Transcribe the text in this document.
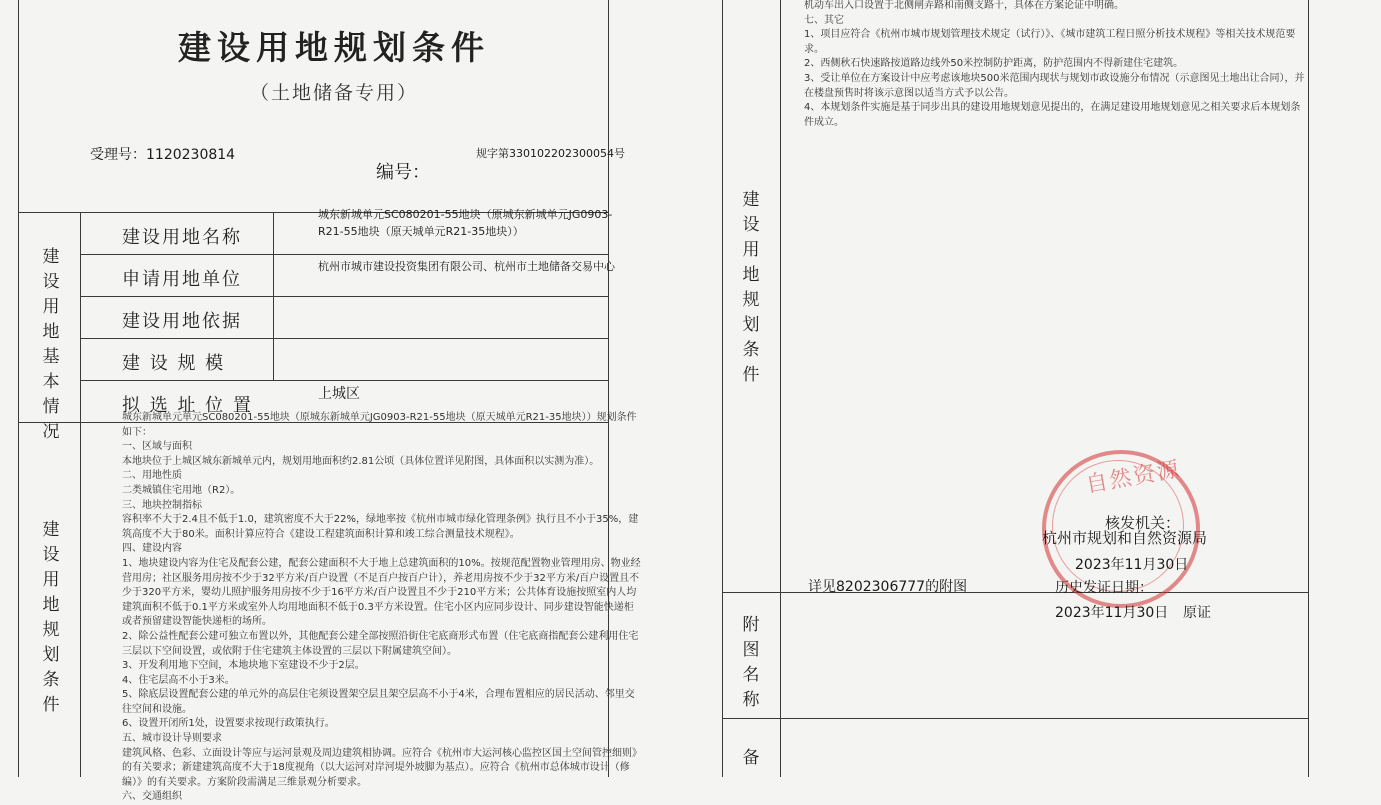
建设用地规划条件
（土地储备专用）
受理号：1120230814	规字第330102202300054号
编号：
建设用地基本情况
建设用地规划条件
建设用地名称
申请用地单位
建设用地依据
建 设 规 模
拟 选 址 位 置
城东新城单元SC080201-55地块（原城东新城单元JG0903-R21-55地块（原天城单元R21-35地块））
杭州市城市建设投资集团有限公司、杭州市土地储备交易中心
上城区
城东新城单元单元SC080201-55地块（原城东新城单元JG0903-R21-55地块（原天城单元R21-35地块））规划条件如下：
一、区域与面积
本地块位于上城区城东新城单元内，规划用地面积约2.81公顷（具体位置详见附图，具体面积以实测为准）。
二、用地性质
二类城镇住宅用地（R2）。
三、地块控制指标
容积率不大于2.4且不低于1.0，建筑密度不大于22%，绿地率按《杭州市城市绿化管理条例》执行且不小于35%，建筑高度不大于80米。面积计算应符合《建设工程建筑面积计算和竣工综合测量技术规程》。
四、建设内容
1、地块建设内容为住宅及配套公建，配套公建面积不大于地上总建筑面积的10%。按规范配置物业管理用房、物业经营用房；社区服务用房按不少于32平方米/百户设置（不足百户按百户计），养老用房按不少于32平方米/百户设置且不少于320平方米，婴幼儿照护服务用房按不少于16平方米/百户设置且不少于210平方米；公共体育设施按照室内人均建筑面积不低于0.1平方米或室外人均用地面积不低于0.3平方米设置。住宅小区内应同步设计、同步建设智能快递柜或者预留建设智能快递柜的场所。
2、除公益性配套公建可独立布置以外，其他配套公建全部按照沿街住宅底商形式布置（住宅底商指配套公建利用住宅三层以下空间设置，或依附于住宅建筑主体设置的三层以下附属建筑空间）。
3、开发利用地下空间，本地块地下室建设不少于2层。
4、住宅层高不小于3米。
5、除底层设置配套公建的单元外的高层住宅须设置架空层且架空层高不小于4米，合理布置相应的居民活动、邻里交往空间和设施。
6、设置开闭所1处，设置要求按现行政策执行。
五、城市设计导则要求
建筑风格、色彩、立面设计等应与运河景观及周边建筑相协调。应符合《杭州市大运河核心监控区国土空间管控细则》的有关要求；新建建筑高度不大于18度视角（以大运河对岸河堤外坡脚为基点）。应符合《杭州市总体城市设计（修编）》的有关要求。方案阶段需满足三维景观分析要求。
六、交通组织
建设用地规划条件
附图名称
备
机动车出入口设置于北侧闸弄路和南侧支路十，具体在方案论证中明确。
七、其它
1、项目应符合《杭州市城市规划管理技术规定（试行）》、《城市建筑工程日照分析技术规程》等相关技术规范要求。
2、西侧秋石快速路按道路边线外50米控制防护距离，防护范围内不得新建住宅建筑。
3、受让单位在方案设计中应考虑该地块500米范围内现状与规划市政设施分布情况（示意图见土地出让合同），并在楼盘预售时将该示意图以适当方式予以公告。
4、本规划条件实施是基于同步出具的建设用地规划意见提出的，在满足建设用地规划意见之相关要求后本规划条件成立。
自然资源
核发机关：
杭州市规划和自然资源局
2023年11月30日
详见8202306777的附图	历史发证日期：
2023年11月30日 原证
